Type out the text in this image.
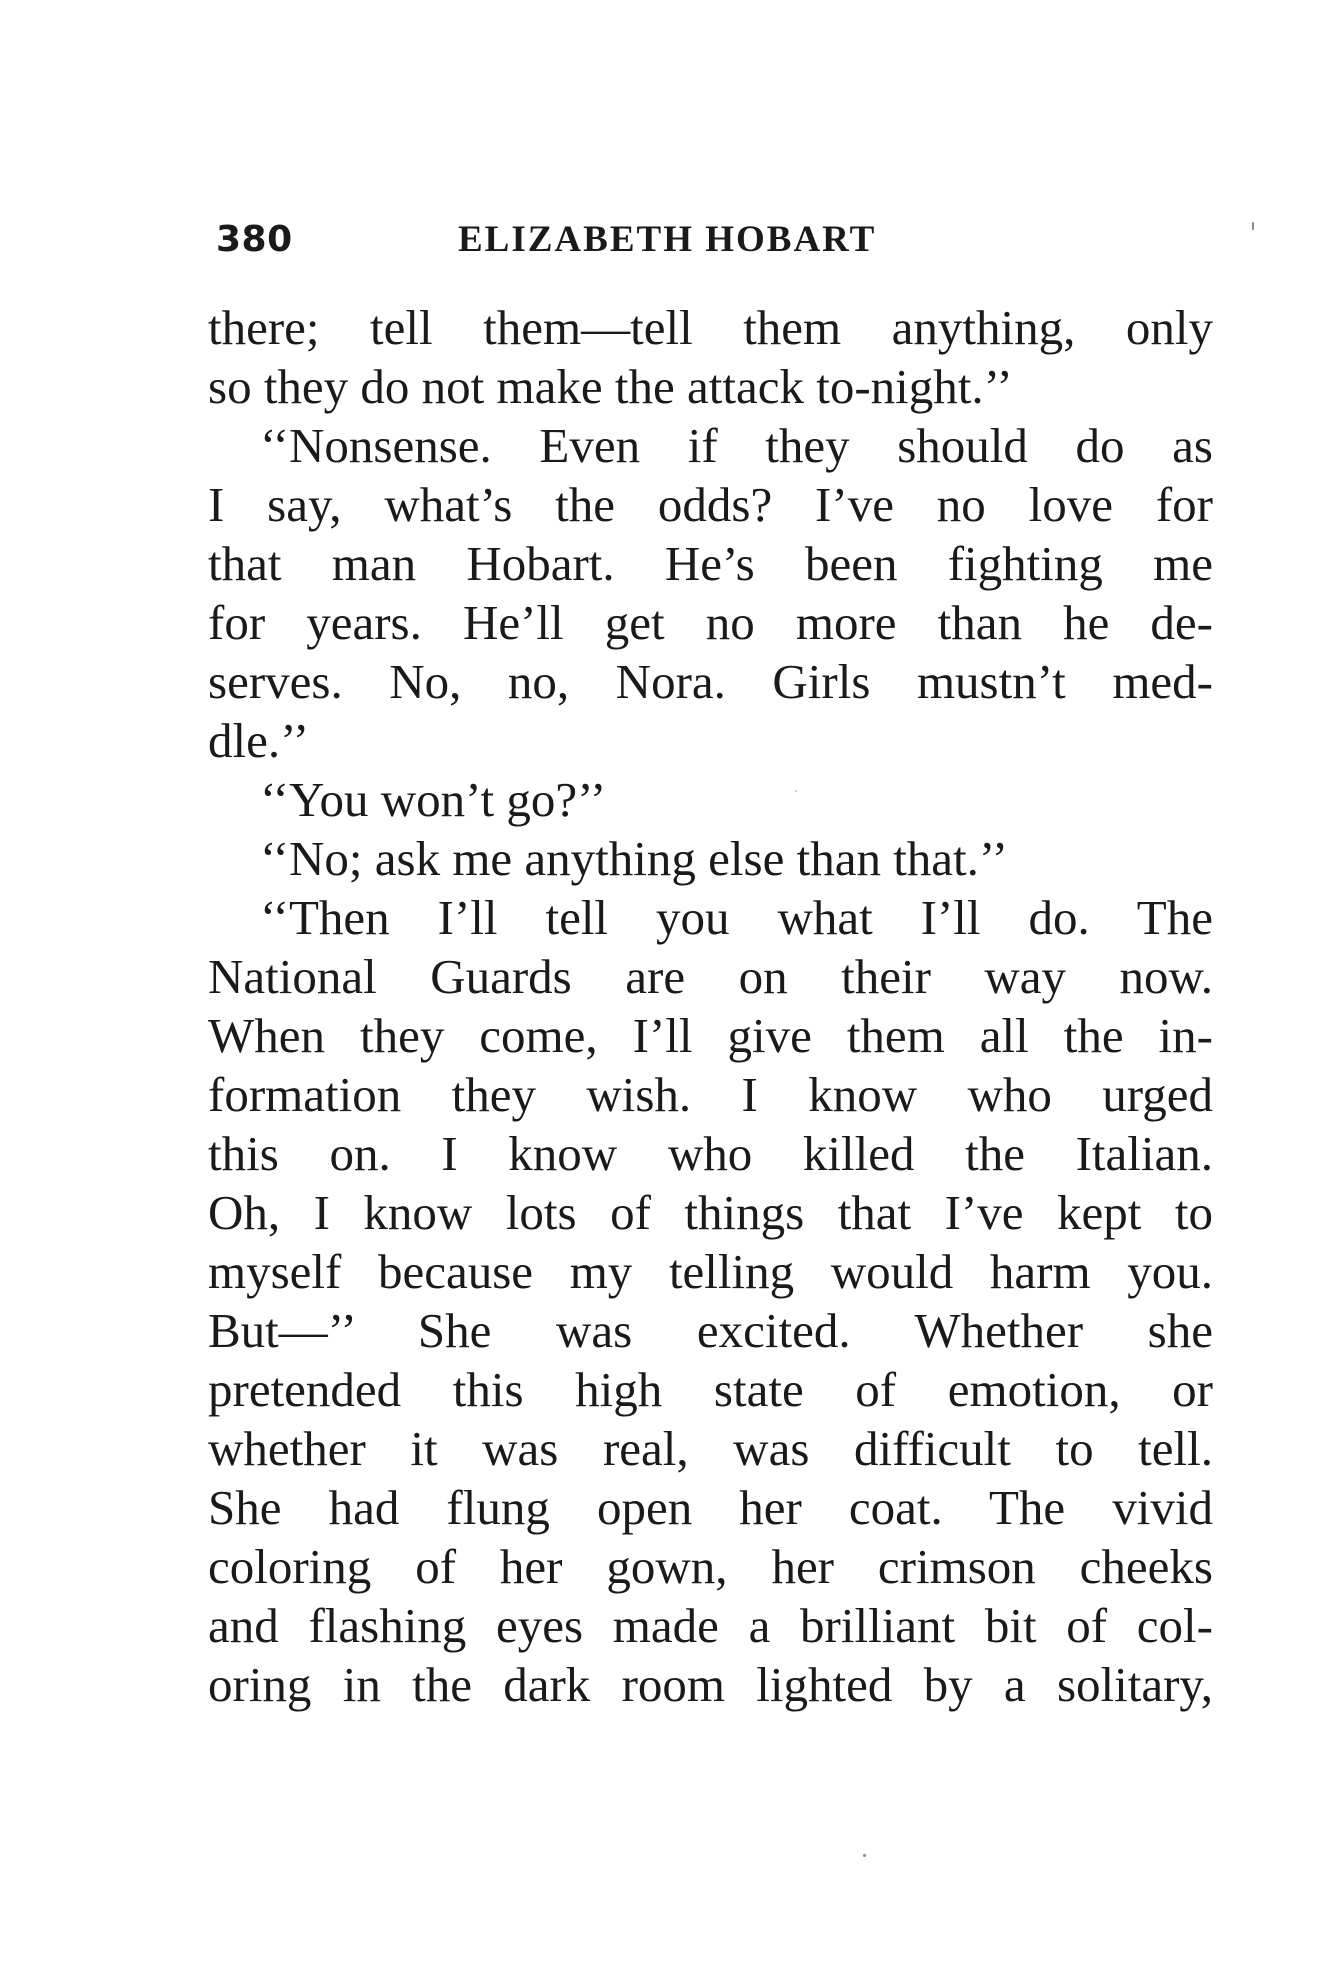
380	ELIZABETH HOBART
there; tell them—tell them anything, only
so they do not make the attack to-night.’’
‘‘Nonsense. Even if they should do as
I say, what’s the odds? I’ve no love for
that man Hobart. He’s been fighting me
for years. He’ll get no more than he de-
serves. No, no, Nora. Girls mustn’t med-
dle.’’
‘‘You won’t go?’’
‘‘No; ask me anything else than that.’’
‘‘Then I’ll tell you what I’ll do. The
National Guards are on their way now.
When they come, I’ll give them all the in-
formation they wish. I know who urged
this on. I know who killed the Italian.
Oh, I know lots of things that I’ve kept to
myself because my telling would harm you.
But—’’ She was excited. Whether she
pretended this high state of emotion, or
whether it was real, was difficult to tell.
She had flung open her coat. The vivid
coloring of her gown, her crimson cheeks
and flashing eyes made a brilliant bit of col-
oring in the dark room lighted by a solitary,
